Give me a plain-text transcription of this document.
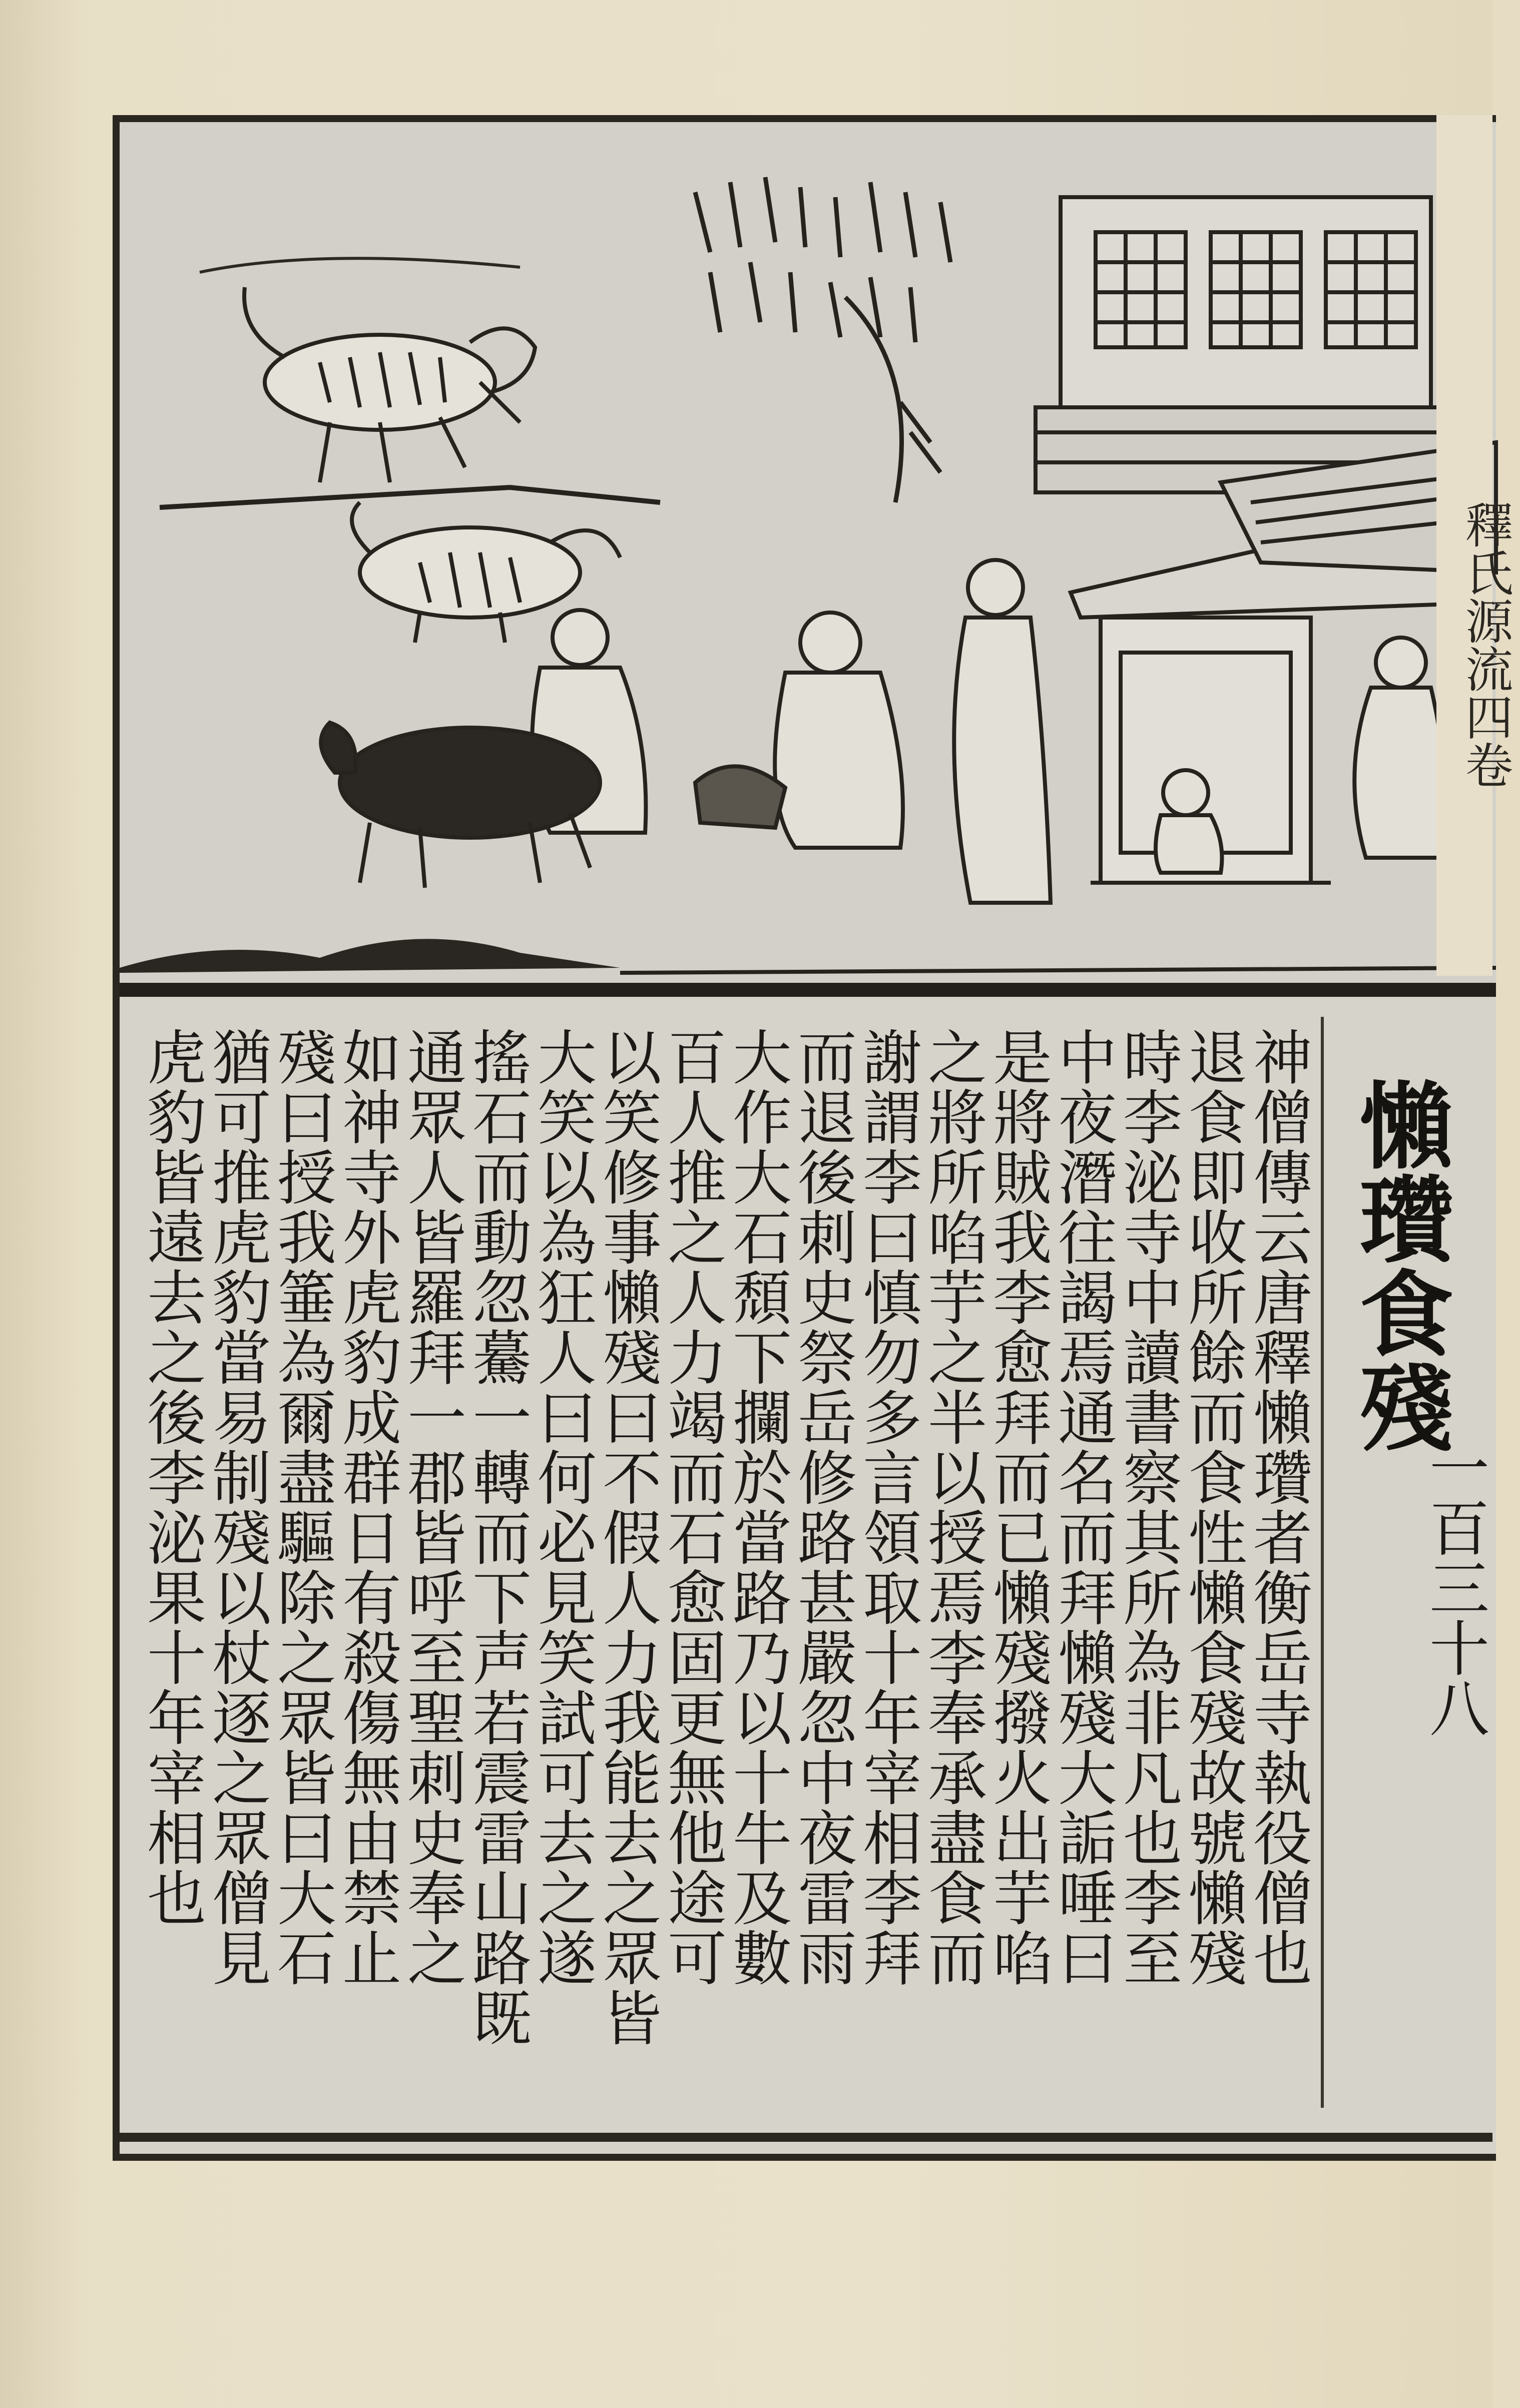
一百三十八
懶瓚食殘
神僧傳云唐釋懶瓚者衡岳寺執役僧也
退食即收所餘而食性懶食殘故號懶殘
時李泌寺中讀書察其所為非凡也李至
中夜潛往謁焉通名而拜懶殘大詬唾曰
是將賊我李愈拜而已懶殘撥火出芋啗
之將所啗芋之半以授焉李奉承盡食而
謝謂李曰慎勿多言領取十年宰相李拜
而退後刺史祭岳修路甚嚴忽中夜雷雨
大作大石頹下攔於當路乃以十牛及數
百人推之人力竭而石愈固更無他途可
以笑修事懶殘曰不假人力我能去之眾皆
大笑以為狂人曰何必見笑試可去之遂
搖石而動忽驀一轉而下声若震雷山路既
通眾人皆羅拜一郡皆呼至聖刺史奉之
如神寺外虎豹成群日有殺傷無由禁止
殘曰授我箠為爾盡驅除之眾皆曰大石
猶可推虎豹當易制殘以杖逐之眾僧見
虎豹皆遠去之後李泌果十年宰相也
釋氏源流四卷
